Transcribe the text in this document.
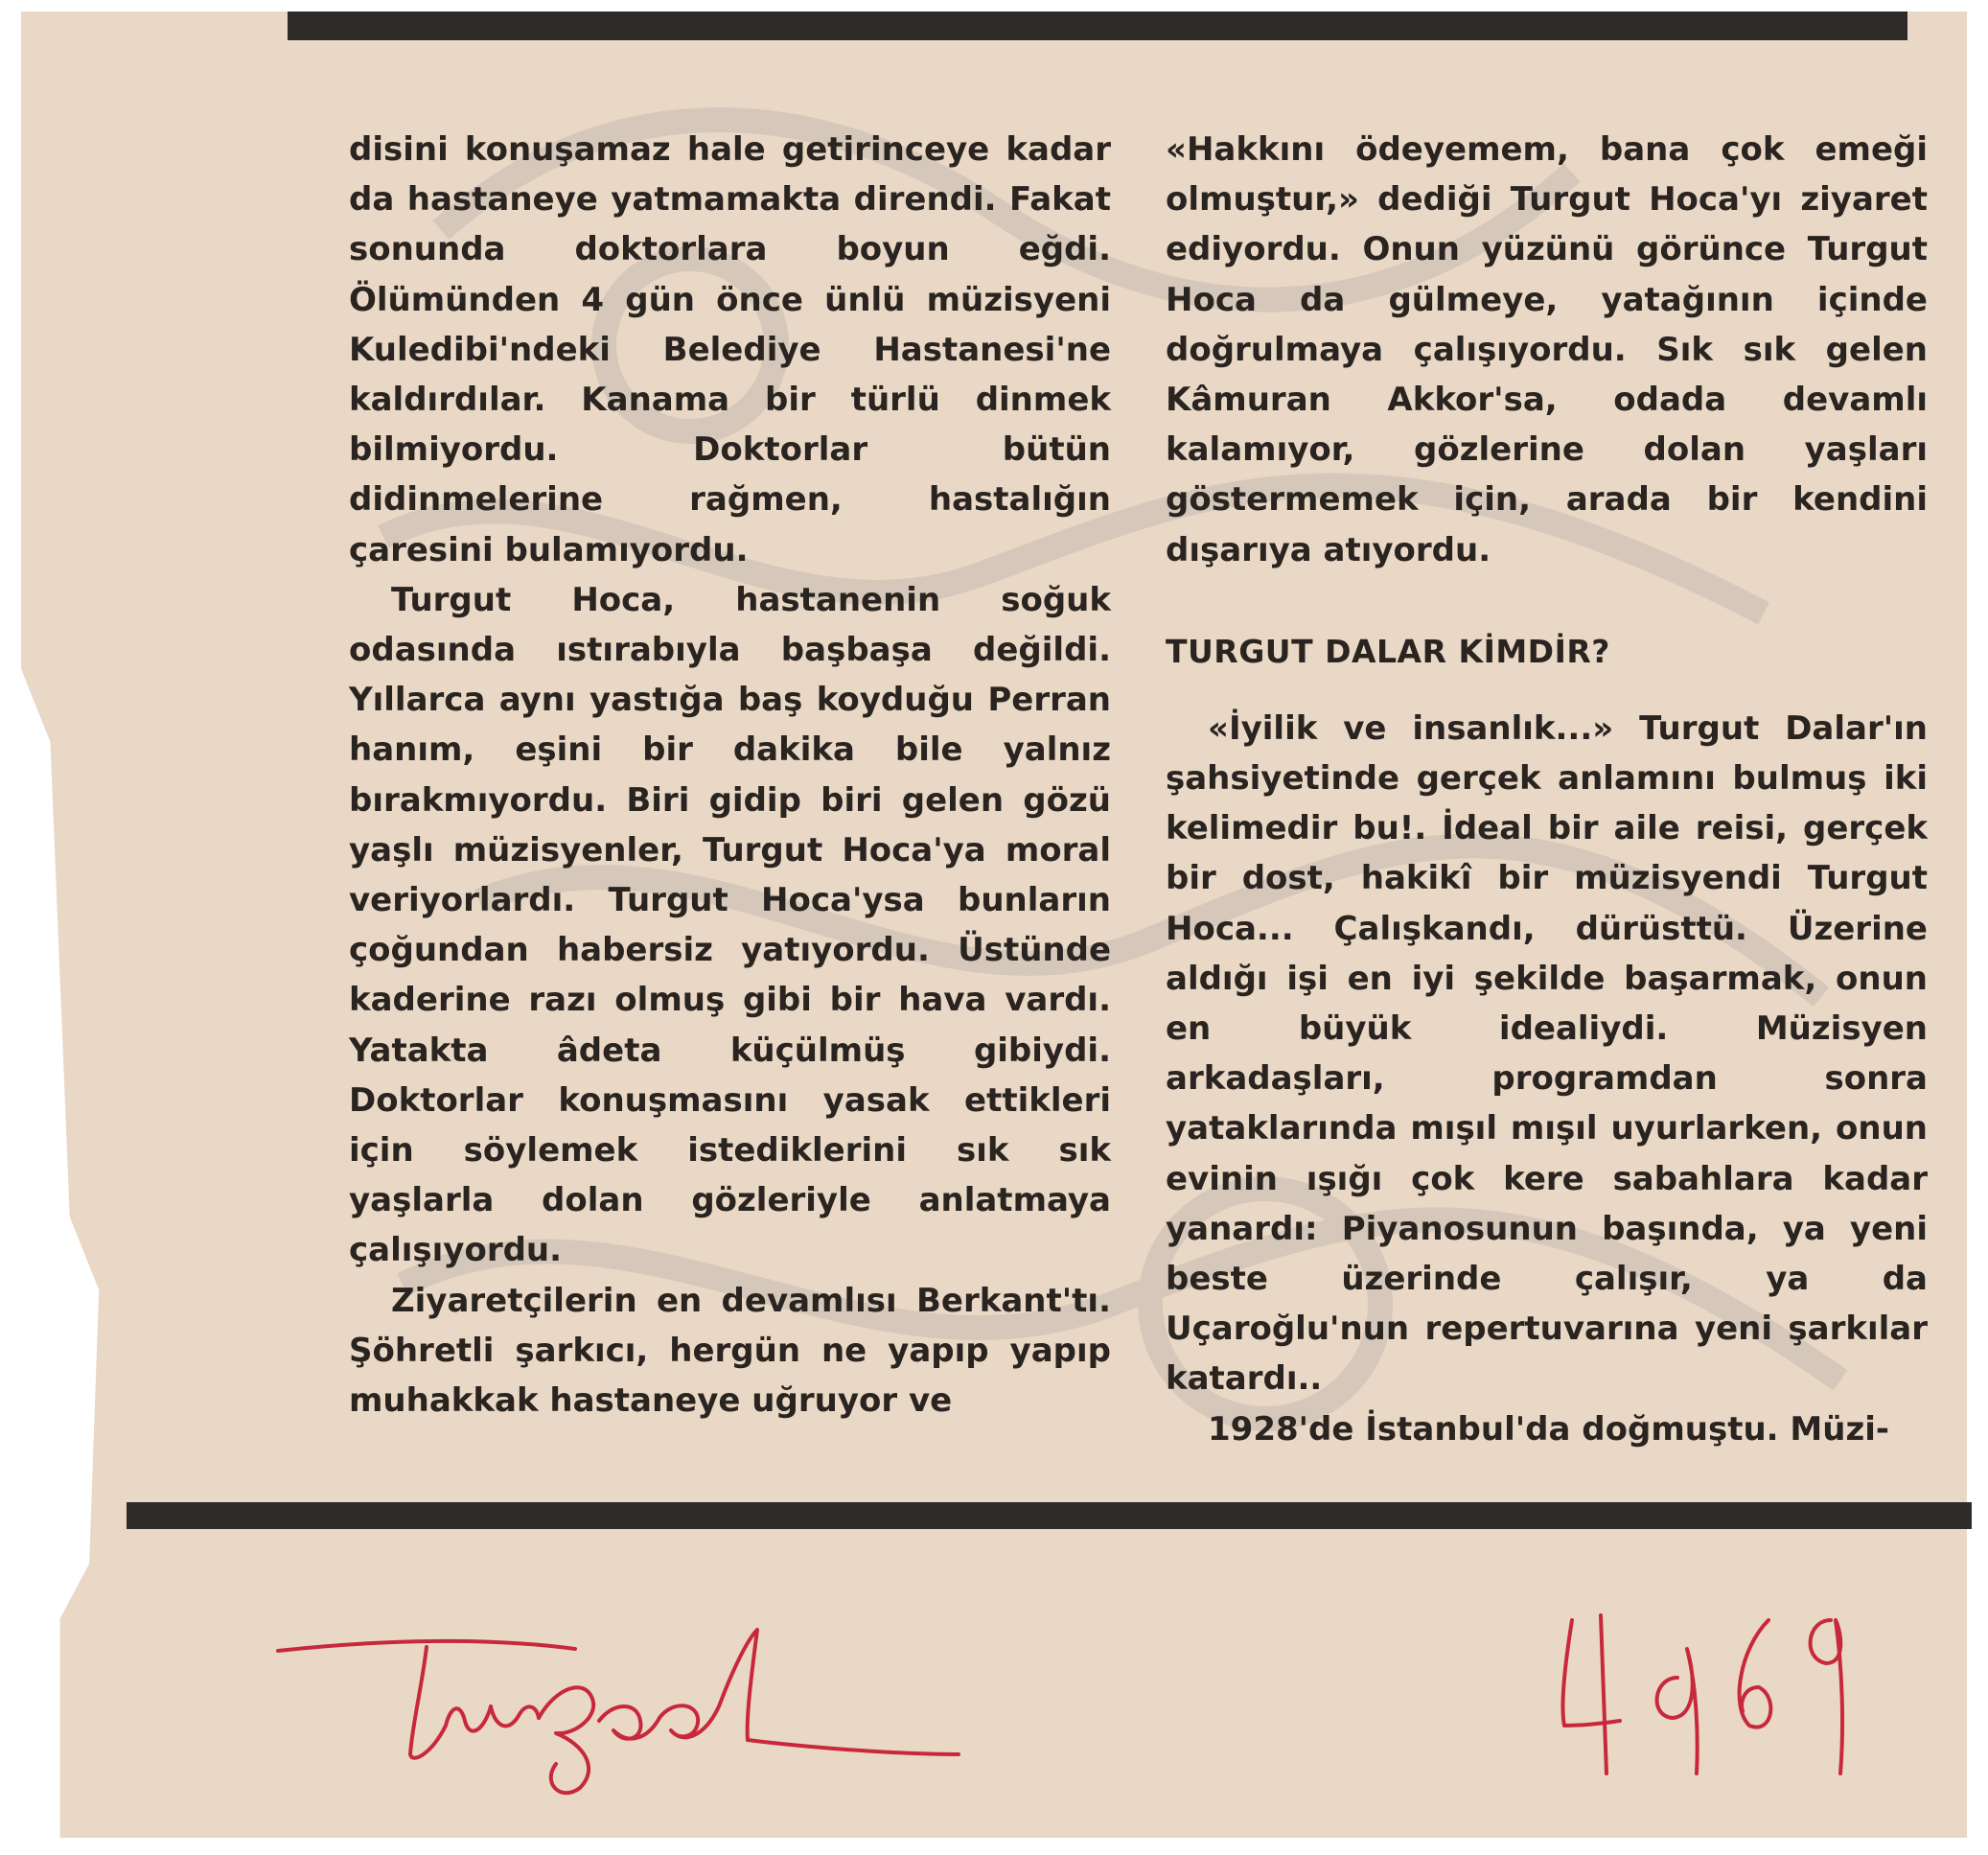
disini konuşamaz hale getirinceye kadar da hastaneye yatmamakta direndi. Fakat sonunda doktorlara boyun eğdi. Ölümünden 4 gün önce ünlü müzisyeni Kuledibi'ndeki Belediye Hastanesi'ne kaldırdılar. Kanama bir türlü dinmek bilmiyordu. Doktorlar bütün didinmelerine rağmen, hastalığın çaresini bulamıyordu.

Turgut Hoca, hastanenin soğuk odasında ıstırabıyla başbaşa değildi. Yıllarca aynı yastığa baş koyduğu Perran hanım, eşini bir dakika bile yalnız bırakmıyordu. Biri gidip biri gelen gözü yaşlı müzisyenler, Turgut Hoca'ya moral veriyorlardı. Turgut Hoca'ysa bunların çoğundan habersiz yatıyordu. Üstünde kaderine razı olmuş gibi bir hava vardı. Yatakta âdeta küçülmüş gibiydi. Doktorlar konuşmasını yasak ettikleri için söylemek istediklerini sık sık yaşlarla dolan gözleriyle anlatmaya çalışıyordu.

Ziyaretçilerin en devamlısı Berkant'tı. Şöhretli şarkıcı, hergün ne yapıp yapıp muhakkak hastaneye uğruyor ve

«Hakkını ödeyemem, bana çok emeği olmuştur,» dediği Turgut Hoca'yı ziyaret ediyordu. Onun yüzünü görünce Turgut Hoca da gülmeye, yatağının içinde doğrulmaya çalışıyordu. Sık sık gelen Kâmuran Akkor'sa, odada devamlı kalamıyor, gözlerine dolan yaşları göstermemek için, arada bir kendini dışarıya atıyordu.

TURGUT DALAR KİMDİR?

«İyilik ve insanlık...» Turgut Dalar'ın şahsiyetinde gerçek anlamını bulmuş iki kelimedir bu!. İdeal bir aile reisi, gerçek bir dost, hakikî bir müzisyendi Turgut Hoca... Çalışkandı, dürüsttü. Üzerine aldığı işi en iyi şekilde başarmak, onun en büyük idealiydi. Müzisyen arkadaşları, programdan sonra yataklarında mışıl mışıl uyurlarken, onun evinin ışığı çok kere sabahlara kadar yanardı: Piyanosunun başında, ya yeni beste üzerinde çalışır, ya da Uçaroğlu'nun repertuvarına yeni şarkılar katardı..

1928'de İstanbul'da doğmuştu. Müzi-
